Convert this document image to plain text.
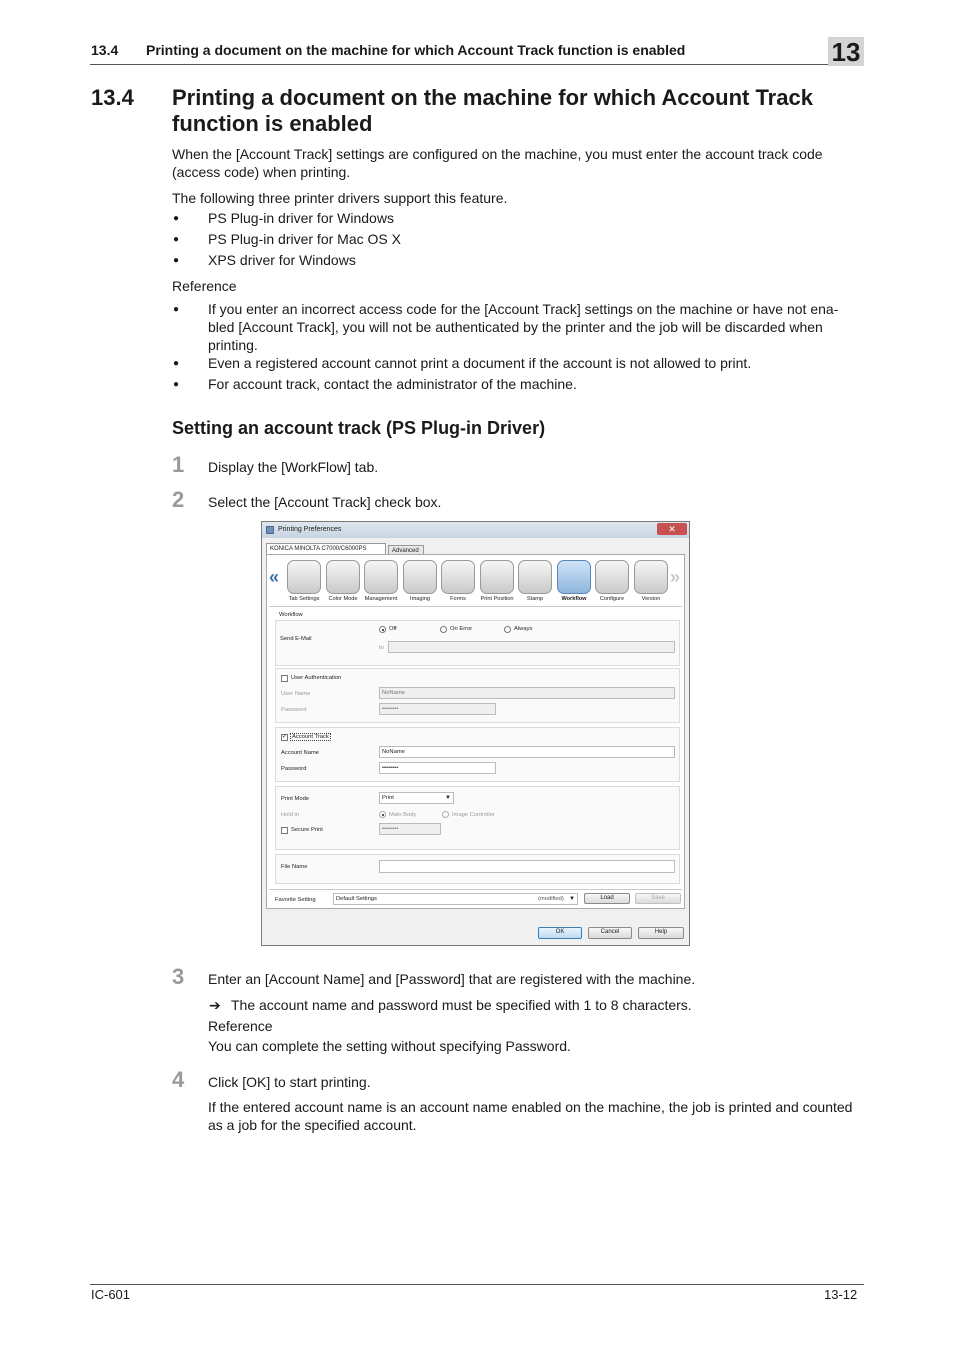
13.4 Printing a document on the machine for which Account Track function is enabled	13
13.4 Printing a document on the machine for which Account Track function is enabled
When the [Account Track] settings are configured on the machine, you must enter the account track code (access code) when printing.
The following three printer drivers support this feature.
● PS Plug-in driver for Windows
● PS Plug-in driver for Mac OS X
● XPS driver for Windows
Reference
● If you enter an incorrect access code for the [Account Track] settings on the machine or have not ena-bled [Account Track], you will not be authenticated by the printer and the job will be discarded when printing.
● Even a registered account cannot print a document if the account is not allowed to print.
● For account track, contact the administrator of the machine.
Setting an account track (PS Plug-in Driver)
1 Display the [WorkFlow] tab.
2 Select the [Account Track] check box.
Printing Preferences	✕
KONICA MINOLTA C7000/C6000PS	Advanced
«	»
Tab Settings	Color Mode	Management	Imaging	Forms	Print Position	Stamp	Workflow	Configure	Version
Workflow
Send E-Mail
Off	On Error	Always
to
User Authentication
User Name	NoName
Password	••••••••
✓ Account Track
Account Name	NoName
Password	••••••••
Print Mode	Print	▼
Hold in	Main Body	Image Controller
Secure Print	••••••••
File Name
Favorite Setting	Default Settings	(modified) ▼	Load	Save
OK	Cancel	Help
3 Enter an [Account Name] and [Password] that are registered with the machine.
➔ The account name and password must be specified with 1 to 8 characters.
Reference
You can complete the setting without specifying Password.
4 Click [OK] to start printing.
If the entered account name is an account name enabled on the machine, the job is printed and counted as a job for the specified account.
IC-601	13-12
